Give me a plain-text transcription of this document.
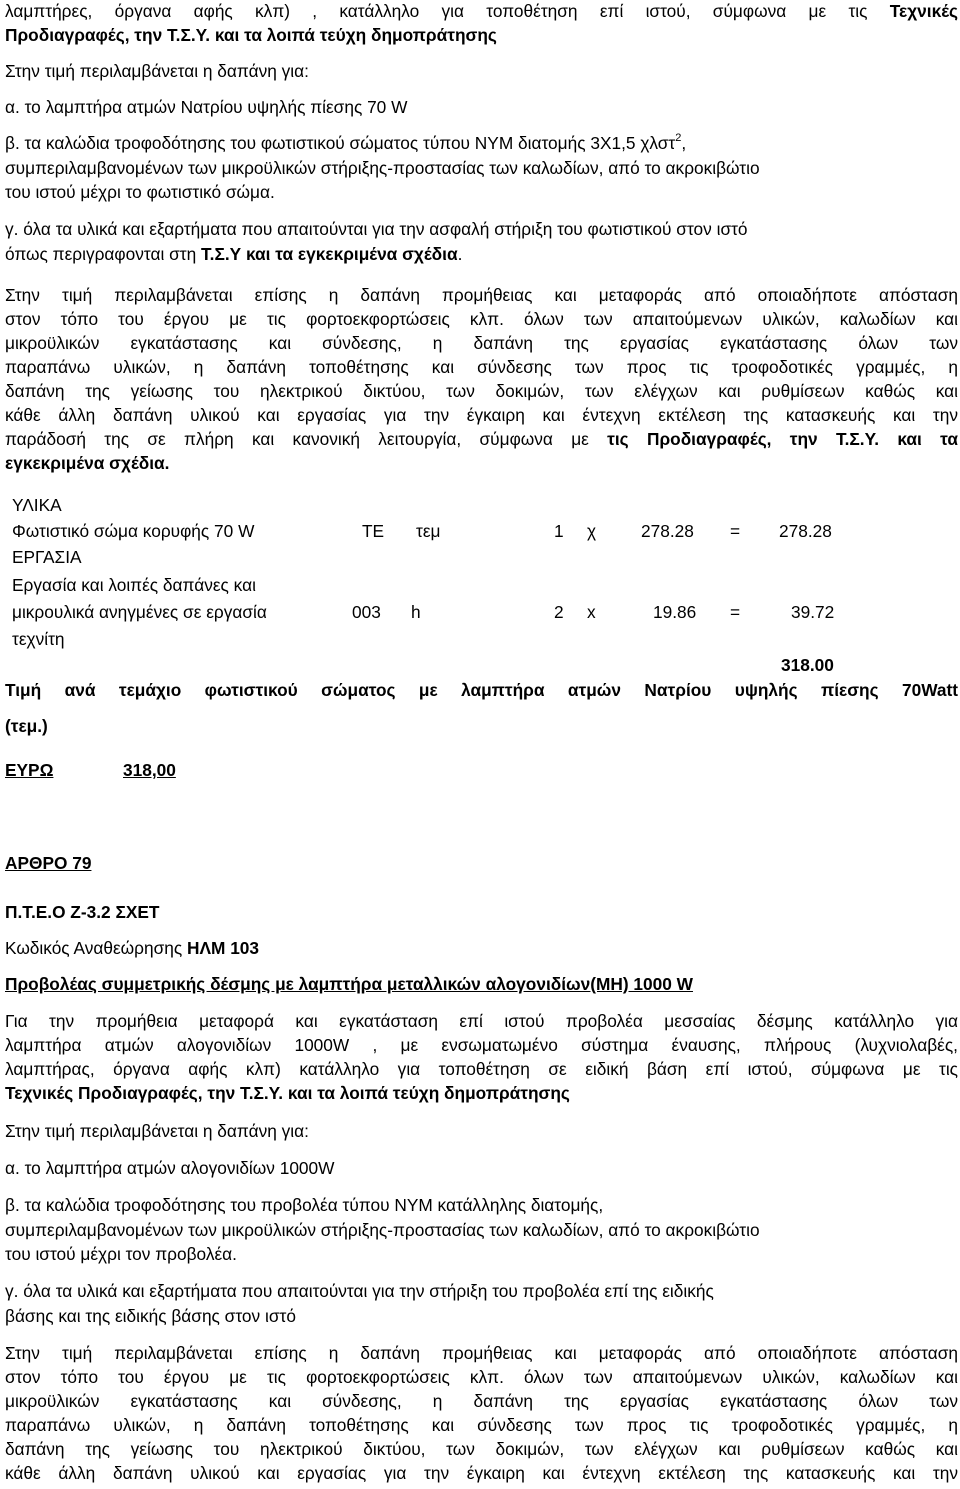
λαμπτήρες, όργανα αφής κλπ) , κατάλληλο για τοποθέτηση επί ιστού, σύμφωνα με τις Τεχνικές
Προδιαγραφές, την Τ.Σ.Υ. και τα λοιπά τεύχη δημοπράτησης
Στην τιμή περιλαμβάνεται η δαπάνη για:
α. το λαμπτήρα ατμών Νατρίου υψηλής πίεσης 70 W
β. τα καλώδια τροφοδότησης του φωτιστικού σώματος τύπου NYM διατομής 3Χ1,5 χλστ$^2$,
συμπεριλαμβανομένων των μικροϋλικών στήριξης-προστασίας των καλωδίων, από το ακροκιβώτιο
του ιστού μέχρι το φωτιστικό σώμα.
γ. όλα τα υλικά και εξαρτήματα που απαιτούνται για την ασφαλή στήριξη του φωτιστικού στον ιστό
όπως περιγραφονται στη Τ.Σ.Υ και τα εγκεκριμένα σχέδια.
Στην τιμή περιλαμβάνεται επίσης η δαπάνη προμήθειας και μεταφοράς από οποιαδήποτε απόσταση
στον τόπο του έργου με τις φορτοεκφορτώσεις κλπ. όλων των απαιτούμενων υλικών, καλωδίων και
μικροϋλικών εγκατάστασης και σύνδεσης, η δαπάνη της εργασίας εγκατάστασης όλων των
παραπάνω υλικών, η δαπάνη τοποθέτησης και σύνδεσης των προς τις τροφοδοτικές γραμμές, η
δαπάνη της γείωσης του ηλεκτρικού δικτύου, των δοκιμών, των ελέγχων και ρυθμίσεων καθώς και
κάθε άλλη δαπάνη υλικού και εργασίας για την έγκαιρη και έντεχνη εκτέλεση της κατασκευής και την
παράδοσή της σε πλήρη και κανονική λειτουργία, σύμφωνα με τις Προδιαγραφές, την Τ.Σ.Υ. και τα
εγκεκριμένα σχέδια.
ΥΛΙΚΑ
Φωτιστικό σώμα κορυφής 70 W	ΤΕ τεμ	1 χ	278.28 = 278.28
ΕΡΓΑΣΙΑ
Εργασία και λοιπές δαπάνες και
μικρουλικά ανηγμένες σε εργασία	003 h	2 x	19.86 =	39.72
τεχνίτη
318.00
Τιμή ανά τεμάχιο φωτιστικού σώματος με λαμπτήρα ατμών Νατρίου υψηλής πίεσης 70Watt
(τεμ.)
ΕΥΡΩ	318,00
ΑΡΘΡΟ 79
Π.Τ.Ε.Ο Ζ-3.2 ΣΧΕΤ
Κωδικός Αναθεώρησης ΗΛΜ 103
Προβολέας συμμετρικής δέσμης με λαμπτήρα μεταλλικών αλογονιδίων(ΜΗ) 1000 W
Για την προμήθεια μεταφορά και εγκατάσταση επί ιστού προβολέα μεσσαίας δέσμης κατάλληλο για
λαμπτήρα ατμών αλογονιδίων 1000W , με ενσωματωμένο σύστημα έναυσης, πλήρους (λυχνιολαβές,
λαμπτήρας, όργανα αφής κλπ) κατάλληλο για τοποθέτηση σε ειδική βάση επί ιστού, σύμφωνα με τις
Τεχνικές Προδιαγραφές, την Τ.Σ.Υ. και τα λοιπά τεύχη δημοπράτησης
Στην τιμή περιλαμβάνεται η δαπάνη για:
α. το λαμπτήρα ατμών αλογονιδίων 1000W
β. τα καλώδια τροφοδότησης του προβολέα τύπου NYM κατάλληλης διατομής,
συμπεριλαμβανομένων των μικροϋλικών στήριξης-προστασίας των καλωδίων, από το ακροκιβώτιο
του ιστού μέχρι τον προβολέα.
γ. όλα τα υλικά και εξαρτήματα που απαιτούνται για την στήριξη του προβολέα επί της ειδικής
βάσης και της ειδικής βάσης στον ιστό
Στην τιμή περιλαμβάνεται επίσης η δαπάνη προμήθειας και μεταφοράς από οποιαδήποτε απόσταση
στον τόπο του έργου με τις φορτοεκφορτώσεις κλπ. όλων των απαιτούμενων υλικών, καλωδίων και
μικροϋλικών εγκατάστασης και σύνδεσης, η δαπάνη της εργασίας εγκατάστασης όλων των
παραπάνω υλικών, η δαπάνη τοποθέτησης και σύνδεσης των προς τις τροφοδοτικές γραμμές, η
δαπάνη της γείωσης του ηλεκτρικού δικτύου, των δοκιμών, των ελέγχων και ρυθμίσεων καθώς και
κάθε άλλη δαπάνη υλικού και εργασίας για την έγκαιρη και έντεχνη εκτέλεση της κατασκευής και την
